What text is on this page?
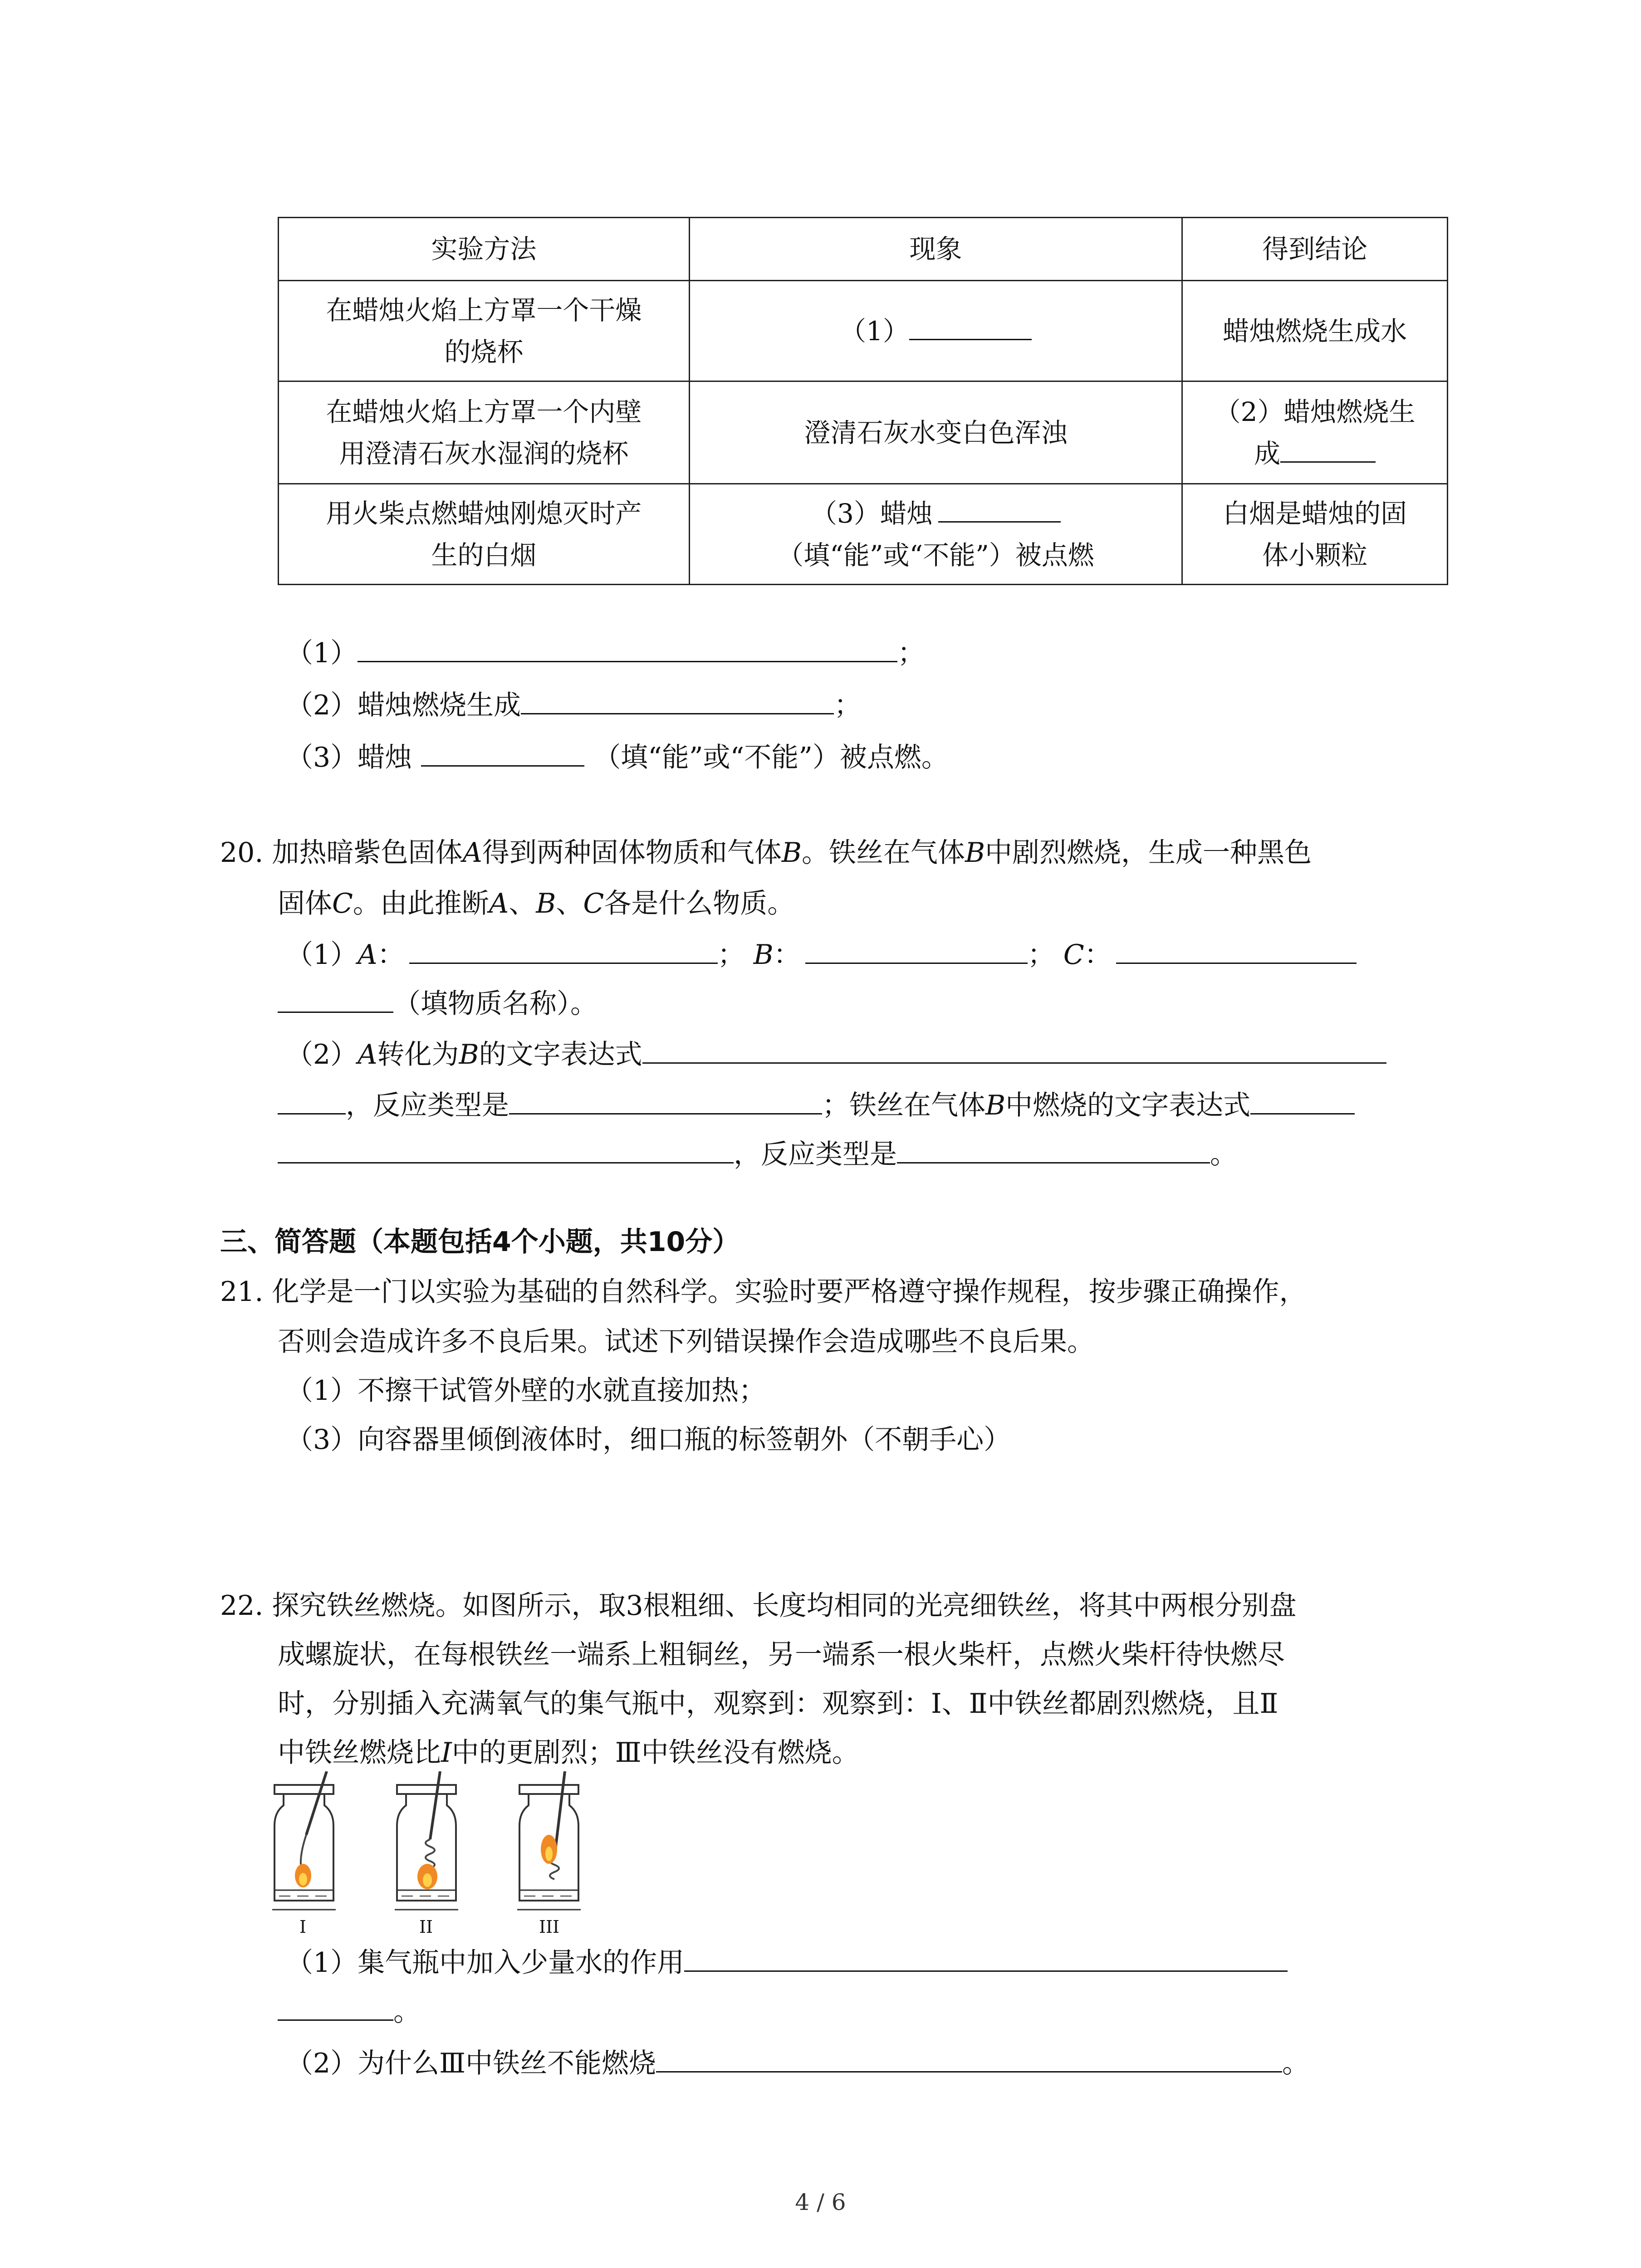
实验方法	现象	得到结论
在蜡烛火焰上方罩一个干燥
的烧杯	（1）	蜡烛燃烧生成水
在蜡烛火焰上方罩一个内壁
用澄清石灰水湿润的烧杯	澄清石灰水变白色浑浊	（2）蜡烛燃烧生
成
用火柴点燃蜡烛刚熄灭时产
生的白烟	（3）蜡烛
（填“能”或“不能”）被点燃	白烟是蜡烛的固
体小颗粒
（1）	；
（2）蜡烛燃烧生成	；
（3）蜡烛	（填“能”或“不能”）被点燃。
20. 加热暗紫色固体A得到两种固体物质和气体B。铁丝在气体B中剧烈燃烧，生成一种黑色
固体C。由此推断A、B、C各是什么物质。
（1）A：	； B：	； C：
（填物质名称）。
（2）A转化为B的文字表达式
，反应类型是	；铁丝在气体B中燃烧的文字表达式
，反应类型是	。
三、简答题（本题包括4个小题，共10分）
21. 化学是一门以实验为基础的自然科学。实验时要严格遵守操作规程，按步骤正确操作，
否则会造成许多不良后果。试述下列错误操作会造成哪些不良后果。
（1）不擦干试管外壁的水就直接加热；
（3）向容器里倾倒液体时，细口瓶的标签朝外（不朝手心）
22. 探究铁丝燃烧。如图所示，取3根粗细、长度均相同的光亮细铁丝，将其中两根分别盘
成螺旋状，在每根铁丝一端系上粗铜丝，另一端系一根火柴杆，点燃火柴杆待快燃尽
时，分别插入充满氧气的集气瓶中，观察到：观察到：Ⅰ、Ⅱ中铁丝都剧烈燃烧，且Ⅱ
中铁丝燃烧比I中的更剧烈；Ⅲ中铁丝没有燃烧。
I	II	III
（1）集气瓶中加入少量水的作用
。
（2）为什么Ⅲ中铁丝不能燃烧	。
4 / 6
